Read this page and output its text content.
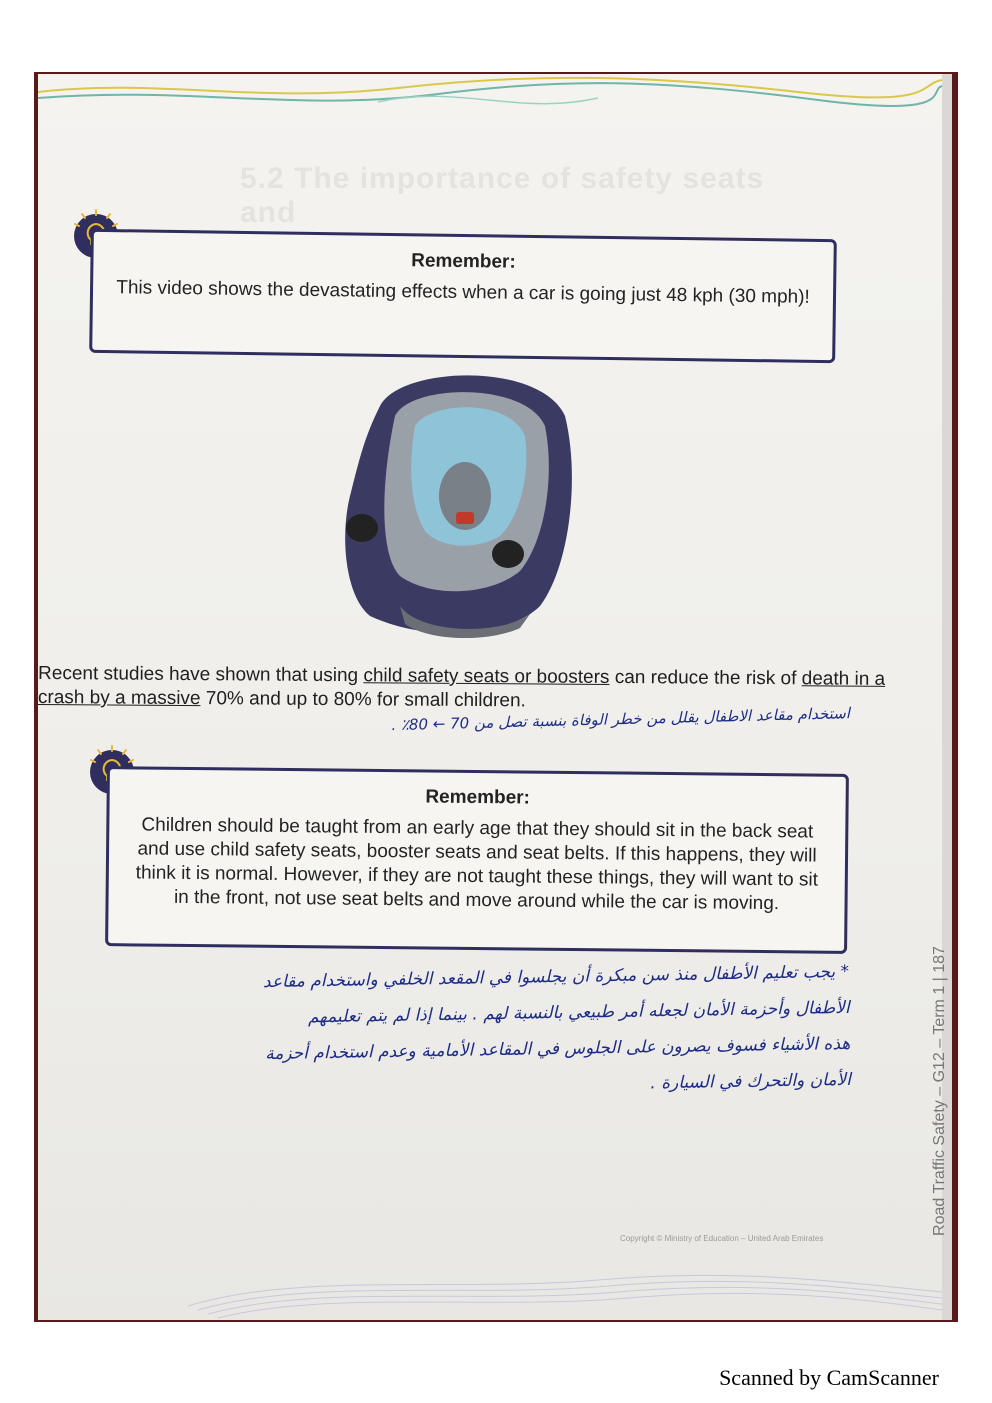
5.2 The importance of safety seats and
Remember:
This video shows the devastating effects when a car is going just 48 kph (30 mph)!
Recent studies have shown that using child safety seats or boosters can reduce the risk of death in a crash by a massive 70% and up to 80% for small children.
استخدام مقاعد الاطفال يقلل من خطر الوفاة بنسبة تصل من 70 ← 80٪ .
Remember:
Children should be taught from an early age that they should sit in the back seat and use child safety seats, booster seats and seat belts. If this happens, they will think it is normal. However, if they are not taught these things, they will want to sit in the front, not use seat belts and move around while the car is moving.
* يجب تعليم الأطفال منذ سن مبكرة أن يجلسوا في المقعد الخلفي واستخدام مقاعد
الأطفال وأحزمة الأمان لجعله أمر طبيعي بالنسبة لهم . بينما إذا لم يتم تعليمهم
هذه الأشياء فسوف يصرون على الجلوس في المقاعد الأمامية وعدم استخدام أحزمة
الأمان والتحرك في السيارة .	Road Traffic Safety – G12 – Term 1 | 187
Copyright © Ministry of Education – United Arab Emirates
Scanned by CamScanner
